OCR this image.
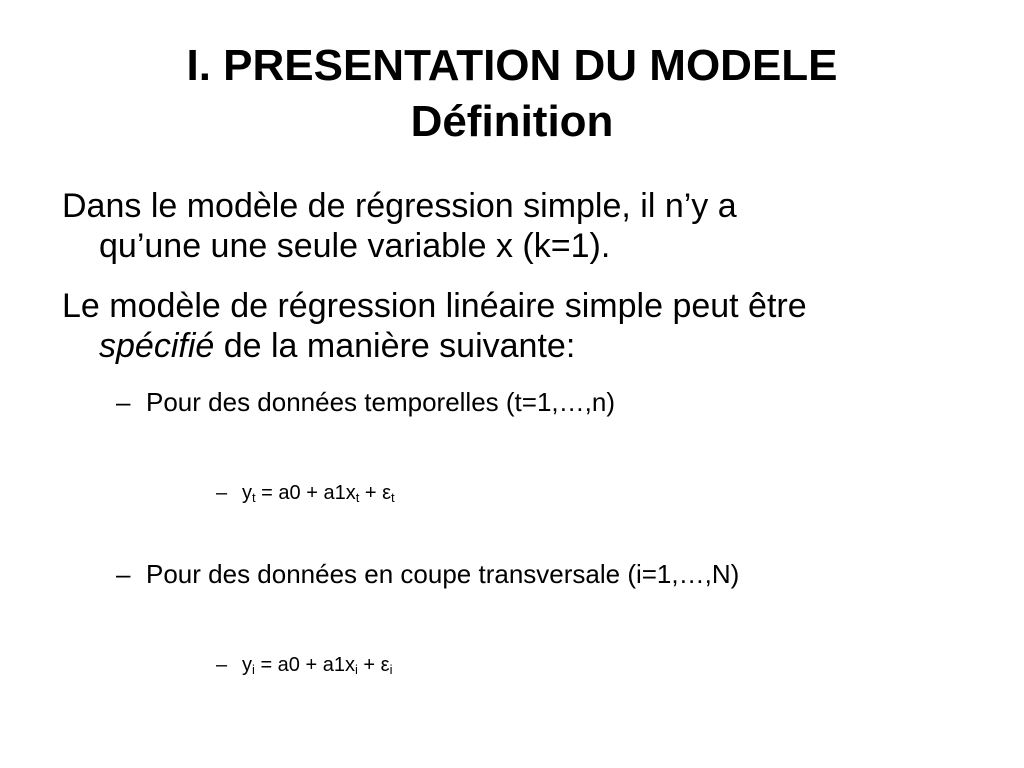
I. PRESENTATION DU MODELE
Définition
Dans le modèle de régression simple, il n’y a
qu’une une seule variable x (k=1).
Le modèle de régression linéaire simple peut être
spécifié de la manière suivante:
– Pour des données temporelles (t=1,…,n)
– $y_t = a0 + a1x_t + \varepsilon_t$
– Pour des données en coupe transversale (i=1,…,N)
– $y_i = a0 + a1x_i + \varepsilon_i$
